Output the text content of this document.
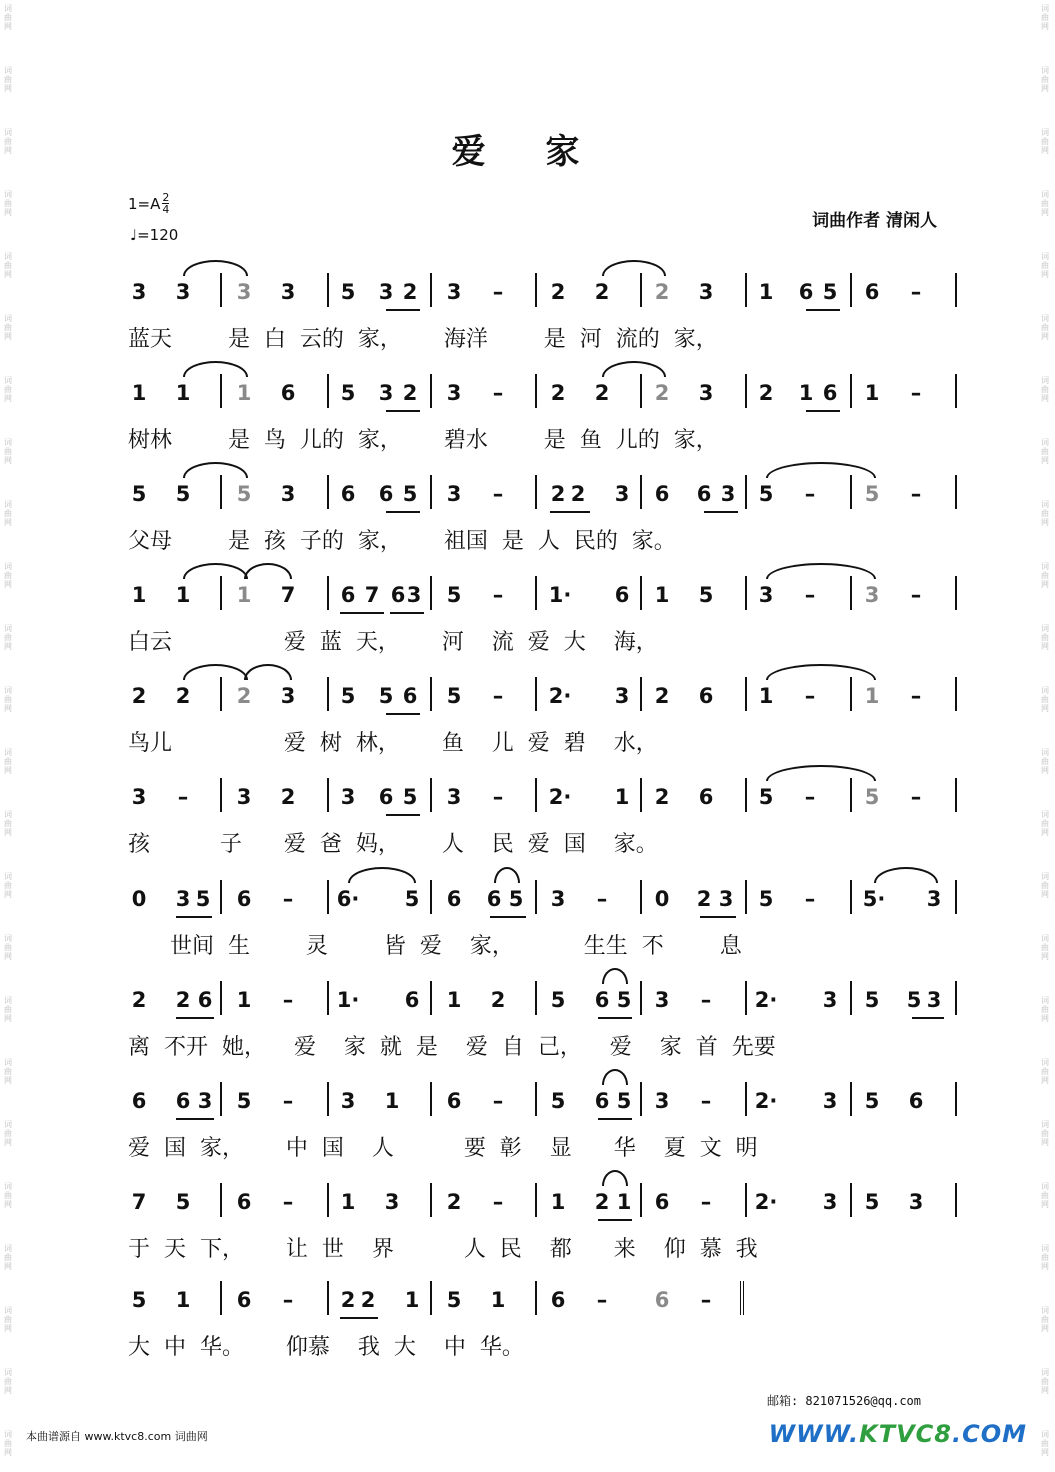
词
曲
网
词
曲
网
词
曲
网
词
曲
网
词
曲
网
词
曲
网
词
曲
网
词
曲
网
词
曲
网
词
曲
网
词
曲
网
词
曲
网
词
曲
网
词
曲
网
词
曲
网
词
曲
网
词
曲
网
词
曲
网
词
曲
网
词
曲
网
词
曲
网
词
曲
网
词
曲
网
词
曲
网
词
曲
网
词
曲
网
词
曲
网
词
曲
网
词
曲
网
词
曲
网
词
曲
网
词
曲
网
词
曲
网
词
曲
网
词
曲
网
词
曲
网
词
曲
网
词
曲
网
词
曲
网
词
曲
网
词
曲
网
词
曲
网
词
曲
网
词
曲
网
词
曲
网
词
曲
网
词
曲
网
词
曲
网
爱 家
$1=A \frac{2}{4}$
♩=120
词曲作者 清闲人
3 3 3 3 5 3 2 3	–	2 2 2 3 1 6 5 6	–
蓝天        是  白  云的  家，      海洋        是  河  流的  家，
1 1 1 6 5 3 2 3	–	2 2 2 3 2 1 6 1	–
树林        是  鸟  儿的  家，      碧水        是  鱼  儿的  家，
5 5 5 3 6 6 5 3	–	2 2 3 6 6 3 5	–	5	–
父母        是  孩  子的  家，      祖国  是  人  民的  家。
1 1 1 7 6 7 6 3 5	–	1· 6 1 5 3	–	3	–
白云                爱  蓝  天，      河    流  爱  大    海，
2 2 2 3 5 5 6 5	–	2· 3 2 6 1	–	1	–
鸟儿                爱  树  林，      鱼    儿  爱  碧    水，
3	–	3 2 3 6 5 3	–	2· 1 2 6 5	–	5	–
孩          子      爱  爸  妈，      人    民  爱  国    家。
0 3 5 6	–	6· 5 6 6 5 3	–	0 2 3 5	–	5· 3
世间  生        灵        皆  爱    家，          生生  不        息
2 2 6 1	–	1· 6 1 2 5 6 5 3	–	2· 3 5 5 3
离  不开  她，    爱    家  就  是    爱  自  己，    爱    家  首  先要
6 6 3 5	–	3 1 6	–	5 6 5 3	–	2· 3 5 6
爱  国  家，      中  国    人          要  彰    显      华    夏  文  明
7 5 6	–	1 3 2	–	1 2 1 6	–	2· 3 5 3
于  天  下，      让  世    界          人  民    都      来    仰  慕  我
5 1 6	–	2 2 1 5 1 6	–	6	–
大  中  华。      仰慕    我  大    中  华。
邮箱: 821071526@qq.com
本曲谱源自 www.ktvc8.com 词曲网	WWW.KTVC8.COM
